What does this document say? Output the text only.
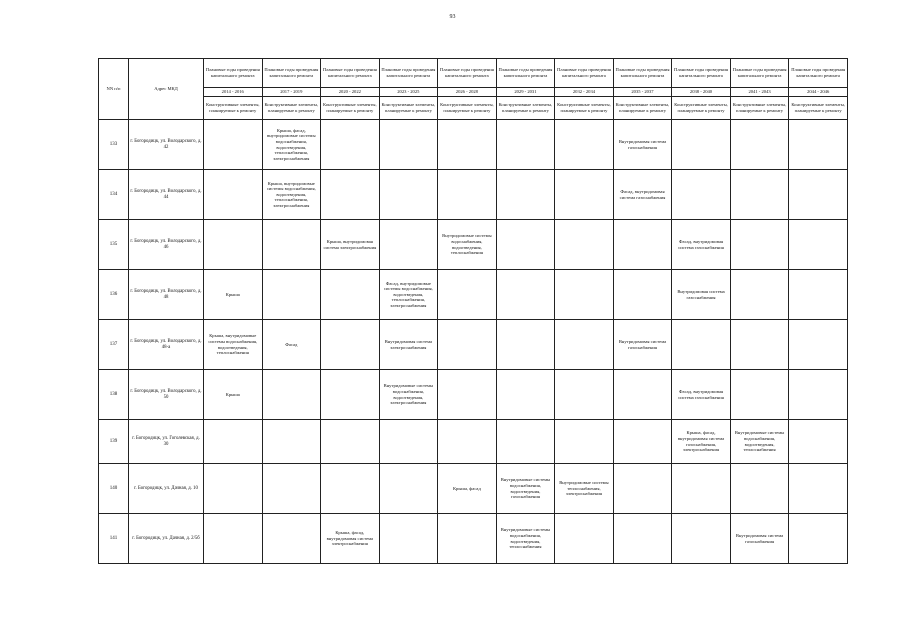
93
NN п/п	Адрес МКД	Плановые годы проведения капитального ремонта	Плановые годы проведения капитального ремонта	Плановые годы проведения капитального ремонта	Плановые годы проведения капитального ремонта	Плановые годы проведения капитального ремонта	Плановые годы проведения капитального ремонта	Плановые годы проведения капитального ремонта	Плановые годы проведения капитального ремонта	Плановые годы проведения капитального ремонта	Плановые годы проведения капитального ремонта	Плановые годы проведения капитального ремонта
		2014 - 2016	2017 - 2019	2020 - 2022	2023 - 2025	2026 - 2028	2029 - 2031	2032 - 2034	2035 - 2037	2038 - 2040	2041 - 2043	2044 - 2046
		Конструктивные элементы, планируемые к ремонту	Конструктивные элементы, планируемые к ремонту	Конструктивные элементы, планируемые к ремонту	Конструктивные элементы, планируемые к ремонту	Конструктивные элементы, планируемые к ремонту	Конструктивные элементы, планируемые к ремонту	Конструктивные элементы, планируемые к ремонту	Конструктивные элементы, планируемые к ремонту	Конструктивные элементы, планируемые к ремонту	Конструктивные элементы, планируемые к ремонту	Конструктивные элементы, планируемые к ремонту
133	г. Богородицк, ул. Володарского, д. 42		Крыша, фасад, внутридомовые системы водоснабжения, водоотведения, теплоснабжения, электроснабжения						Внутридомовая система газоснабжения			
134	г. Богородицк, ул. Володарского, д. 44		Крыша, внутридомовые системы водоснабжения, водоотведения, теплоснабжения, электроснабжения						Фасад, внутридомовая система газоснабжения			
135	г. Богородицк, ул. Володарского, д. 46			Крыша, внутридомовая система электроснабжения		Внутридомовые системы водоснабжения, водоотведения, теплоснабжения				Фасад, внутридомовая система газоснабжения		
136	г. Богородицк, ул. Володарского, д. 48	Крыша			Фасад, внутридомовые системы водоснабжения, водоотведения, теплоснабжения, электроснабжения					Внутридомовая система газоснабжения		
137	г. Богородицк, ул. Володарского, д. 48-а	Крыша, внутридомовые системы водоснабжения, водоотведения, теплоснабжения	Фасад		Внутридомовая система электроснабжения				Внутридомовая система газоснабжения			
138	г. Богородицк, ул. Володарского, д. 50	Крыша			Внутридомовые системы водоснабжения, водоотведения, электроснабжения					Фасад, внутридомовая система газоснабжения		
139	г. Богородицк, ул. Гоголевская, д. 30									Крыша, фасад, внутридомовая система газоснабжения, электроснабжения	Внутридомовые системы водоснабжения, водоотведения, теплоснабжения	
140	г. Богородицк, ул. Дачная, д. 10					Крыша, фасад	Внутридомовые системы водоснабжения, водоотведения, газоснабжения	Внутридомовые системы теплоснабжения, электроснабжения				
141	г. Богородицк, ул. Дачная, д. 2/5б			Крыша, фасад, внутридомовая система электроснабжения			Внутридомовые системы водоснабжения, водоотведения, теплоснабжения				Внутридомовая система газоснабжения	
